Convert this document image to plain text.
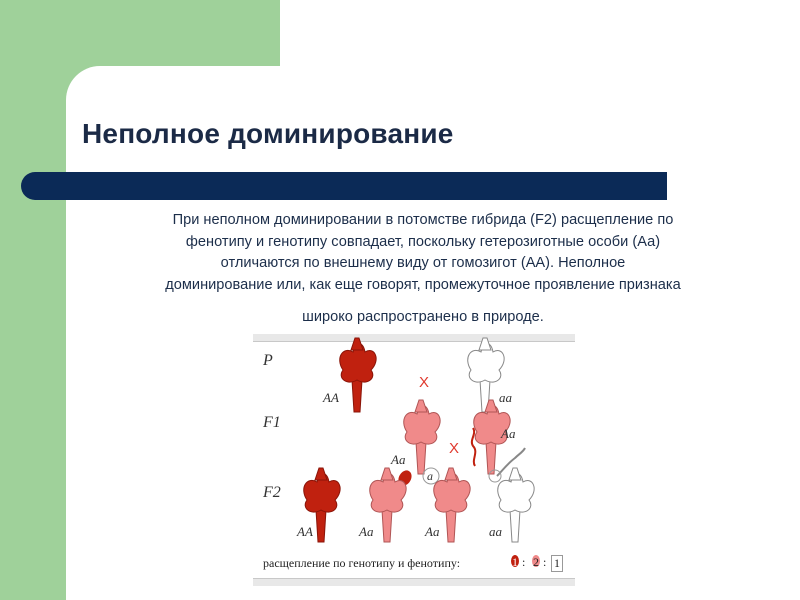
Неполное доминирование
При неполном доминировании в потомстве гибрида (F2) расщепление по
фенотипу и генотипу совпадает, поскольку гетерозиготные особи (Аа)
отличаются по внешнему виду от гомозигот (АА). Неполное
доминирование или, как еще говорят, промежуточное проявление признака
широко распространено в природе.
P
F1
F2
X
X
AA	aa
Aa
a
Aa
AA	Aa	Aa	aa
расщепление по генотипу и фенотипу:	1 : 2 : 1
